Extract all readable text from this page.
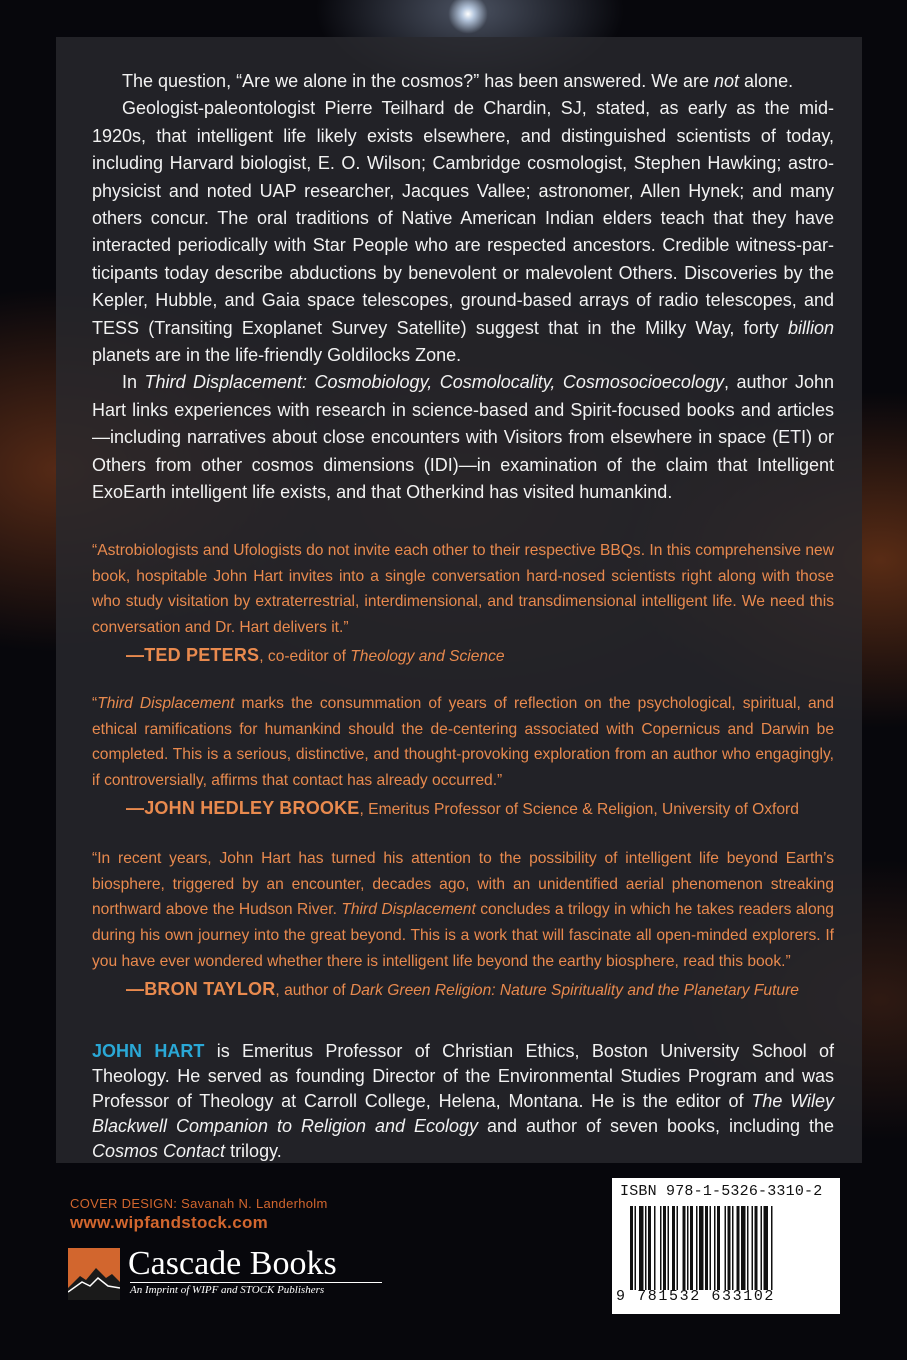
The question, “Are we alone in the cosmos?” has been answered. We are not alone.

Geologist-paleontologist Pierre Teilhard de Chardin, SJ, stated, as early as the mid-1920s, that intelligent life likely exists elsewhere, and distinguished scientists of today, including Harvard biologist, E. O. Wilson; Cambridge cosmologist, Stephen Hawking; astrophysicist and noted UAP researcher, Jacques Vallee; astronomer, Allen Hynek; and many others concur. The oral traditions of Native American Indian elders teach that they have interacted periodically with Star People who are respected ancestors. Credible witness-participants today describe abductions by benevolent or malevolent Others. Discoveries by the Kepler, Hubble, and Gaia space telescopes, ground-based arrays of radio telescopes, and TESS (Transiting Exoplanet Survey Satellite) suggest that in the Milky Way, forty billion planets are in the life-friendly Goldilocks Zone.

In Third Displacement: Cosmobiology, Cosmolocality, Cosmosocioecology, author John Hart links experiences with research in science-based and Spirit-focused books and articles—including narratives about close encounters with Visitors from elsewhere in space (ETI) or Others from other cosmos dimensions (IDI)—in examination of the claim that Intelligent ExoEarth intelligent life exists, and that Otherkind has visited humankind.

“Astrobiologists and Ufologists do not invite each other to their respective BBQs. In this comprehensive new book, hospitable John Hart invites into a single conversation hard-nosed scientists right along with those who study visitation by extraterrestrial, interdimensional, and transdimensional intelligent life. We need this conversation and Dr. Hart delivers it.”

—TED PETERS, co-editor of Theology and Science

“Third Displacement marks the consummation of years of reflection on the psychological, spiritual, and ethical ramifications for humankind should the de-centering associated with Copernicus and Darwin be completed. This is a serious, distinctive, and thought-provoking exploration from an author who engagingly, if controversially, affirms that contact has already occurred.”

—JOHN HEDLEY BROOKE, Emeritus Professor of Science & Religion, University of Oxford

“In recent years, John Hart has turned his attention to the possibility of intelligent life beyond Earth’s biosphere, triggered by an encounter, decades ago, with an unidentified aerial phenomenon streaking northward above the Hudson River. Third Displacement concludes a trilogy in which he takes readers along during his own journey into the great beyond. This is a work that will fascinate all open-minded explorers. If you have ever wondered whether there is intelligent life beyond the earthy biosphere, read this book.”

—BRON TAYLOR, author of Dark Green Religion: Nature Spirituality and the Planetary Future

JOHN HART is Emeritus Professor of Christian Ethics, Boston University School of Theology. He served as founding Director of the Environmental Studies Program and was Professor of Theology at Carroll College, Helena, Montana. He is the editor of The Wiley Blackwell Companion to Religion and Ecology and author of seven books, including the Cosmos Contact trilogy.

COVER DESIGN: Savanah N. Landerholm
www.wipfandstock.com
Cascade Books
An Imprint of WIPF and STOCK Publishers
ISBN 978-1-5326-3310-2
9 781532 633102
